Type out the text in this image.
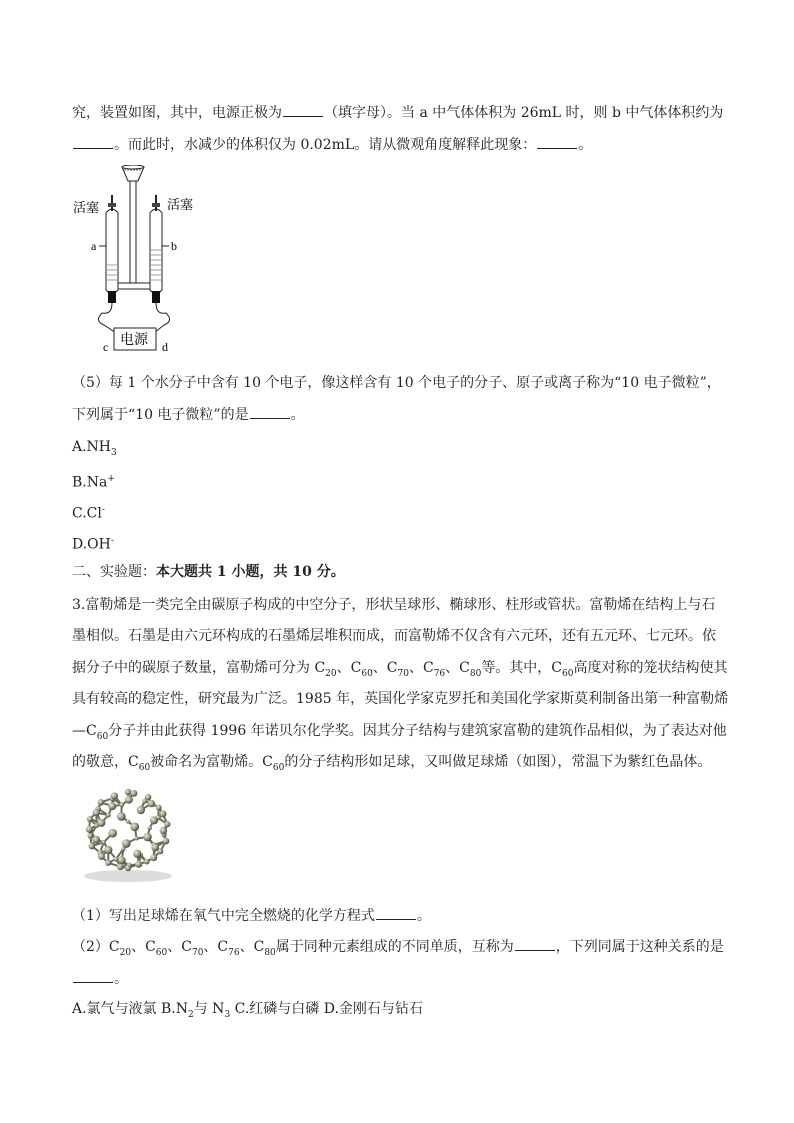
究，装置如图，其中，电源正极为	（填字母）。当 a 中气体体积为 26mL 时，则 b 中气体体积约为
。而此时，水减少的体积仅为 0.02mL。请从微观角度解释此现象：	。
活塞	活塞
a	b
c	d
电源
（5）每 1 个水分子中含有 10 个电子，像这样含有 10 个电子的分子、原子或离子称为“10 电子微粒”，
下列属于“10 电子微粒”的是	。
$A.NH_3$
B.Na+
C.Cl-
D.OH-
二、实验题：本大题共 1 小题，共 10 分。
3.富勒烯是一类完全由碳原子构成的中空分子，形状呈球形、椭球形、柱形或管状。富勒烯在结构上与石
墨相似。石墨是由六元环构成的石墨烯层堆积而成，而富勒烯不仅含有六元环，还有五元环、七元环。依
据分子中的碳原子数量，富勒烯可分为 $C_{20}$、$C_{60}$、$C_{70}$、$C_{76}$、$C_{80}$等。其中，$C_{60}$高度对称的笼状结构使其
具有较高的稳定性，研究最为广泛。1985 年，英国化学家克罗托和美国化学家斯莫利制备出第一种富勒烯
$—C_{60}$分子并由此获得 1996 年诺贝尔化学奖。因其分子结构与建筑家富勒的建筑作品相似，为了表达对他
的敬意，$C_{60}$被命名为富勒烯。$C_{60}$的分子结构形如足球，又叫做足球烯（如图），常温下为紫红色晶体。
（1）写出足球烯在氧气中完全燃烧的化学方程式	。
$(2)C_{20}$、$C_{60}$、$C_{70}$、$C_{76}$、$C_{80}$属于同种元素组成的不同单质，互称为	，下列同属于这种关系的是
。
A.氯气与液氯 $B.N_2$与 $N_3$ C.红磷与白磷 D.金刚石与钻石
